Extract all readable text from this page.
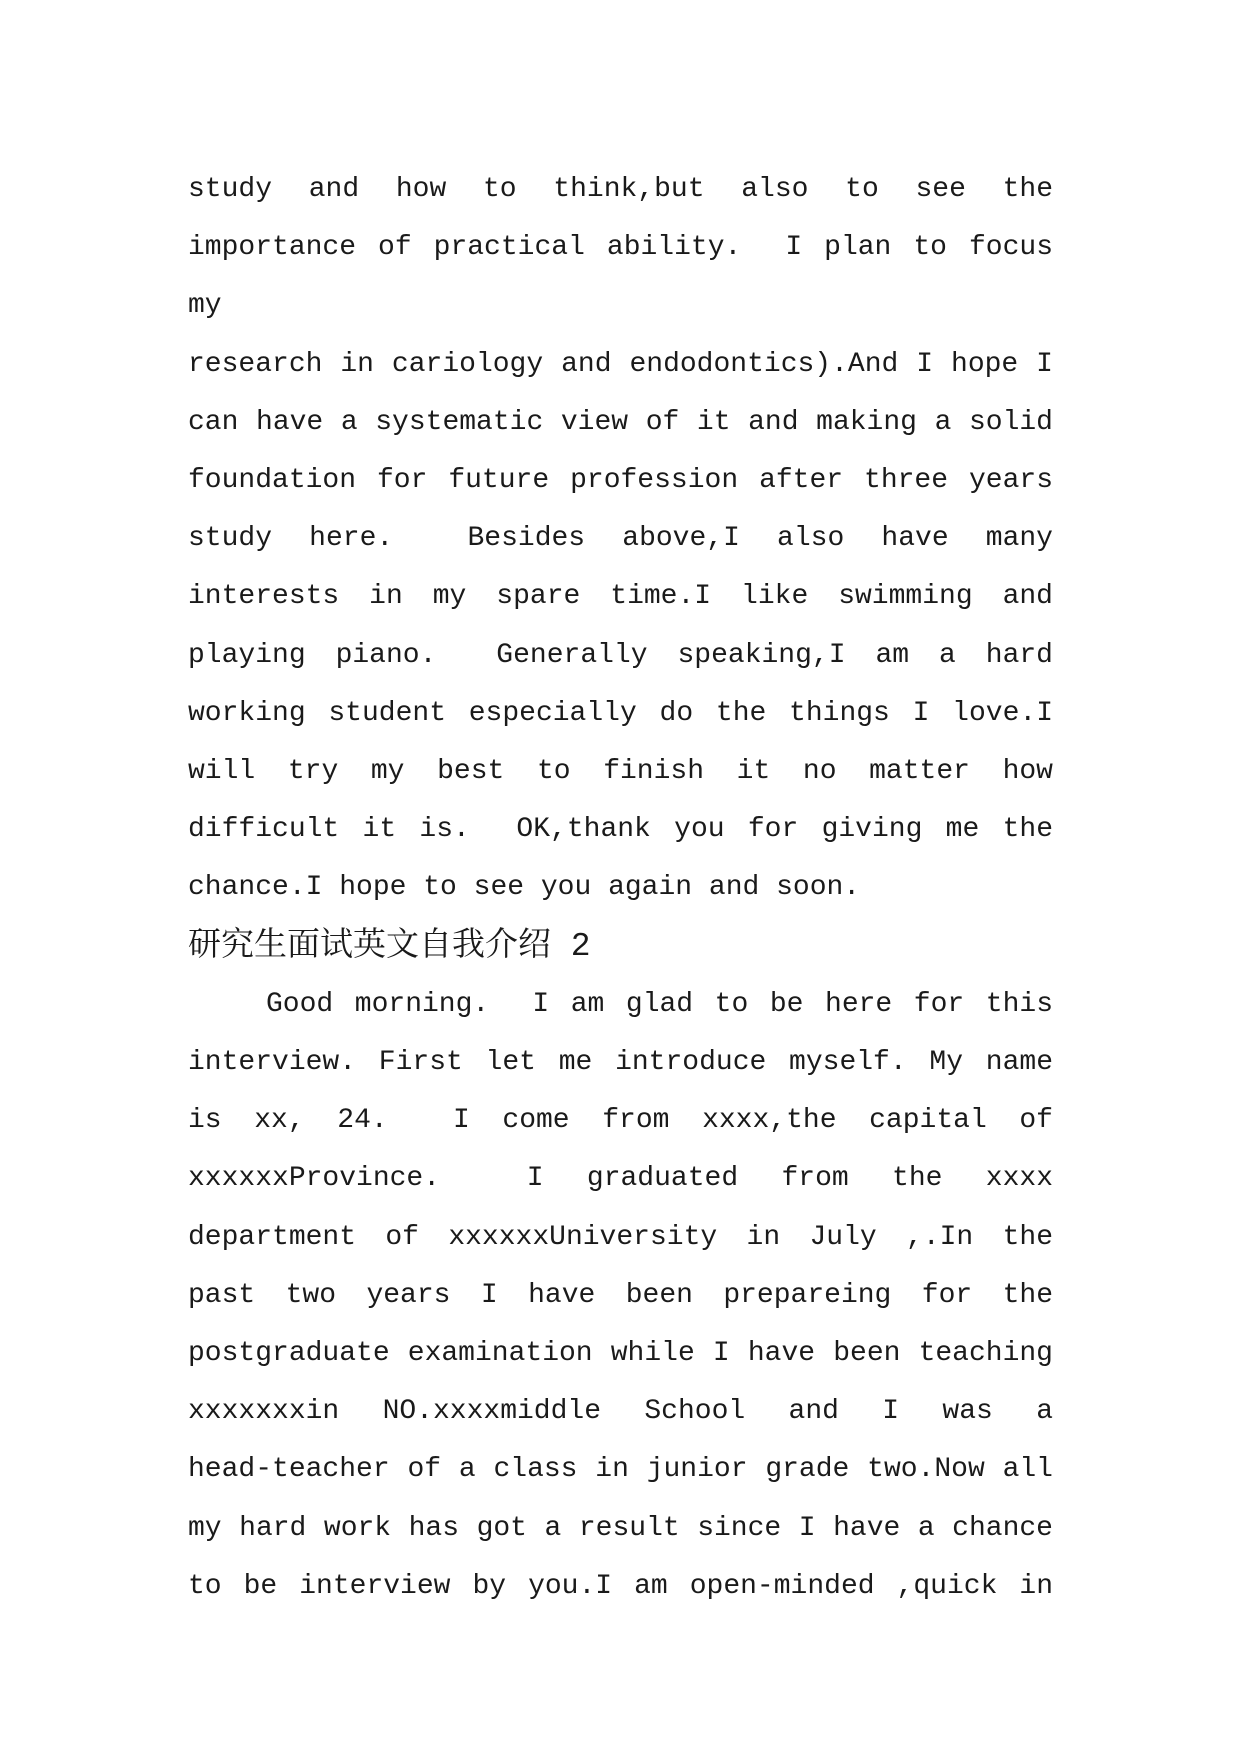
study and how to think,but also to see the
importance of practical ability.  I plan to focus my
research in cariology and endodontics).And I hope I
can have a systematic view of it and making a solid
foundation for future profession after three years
study here.  Besides above,I also have many
interests in my spare time.I like swimming and
playing piano.  Generally speaking,I am a hard
working student especially do the things I love.I
will try my best to finish it no matter how
difficult it is.  OK,thank you for giving me the
chance.I hope to see you again and soon.
研究生面试英文自我介绍 2
Good morning.  I am glad to be here for this
interview. First let me introduce myself. My name
is xx, 24.  I come from xxxx,the capital of
xxxxxxProvince.  I graduated from the xxxx
department of xxxxxxUniversity in July ,.In the
past two years I have been prepareing for the
postgraduate examination while I have been teaching
xxxxxxxin NO.xxxxmiddle School and I was a
head-teacher of a class in junior grade two.Now all
my hard work has got a result since I have a chance
to be interview by you.I am open-minded ,quick in
